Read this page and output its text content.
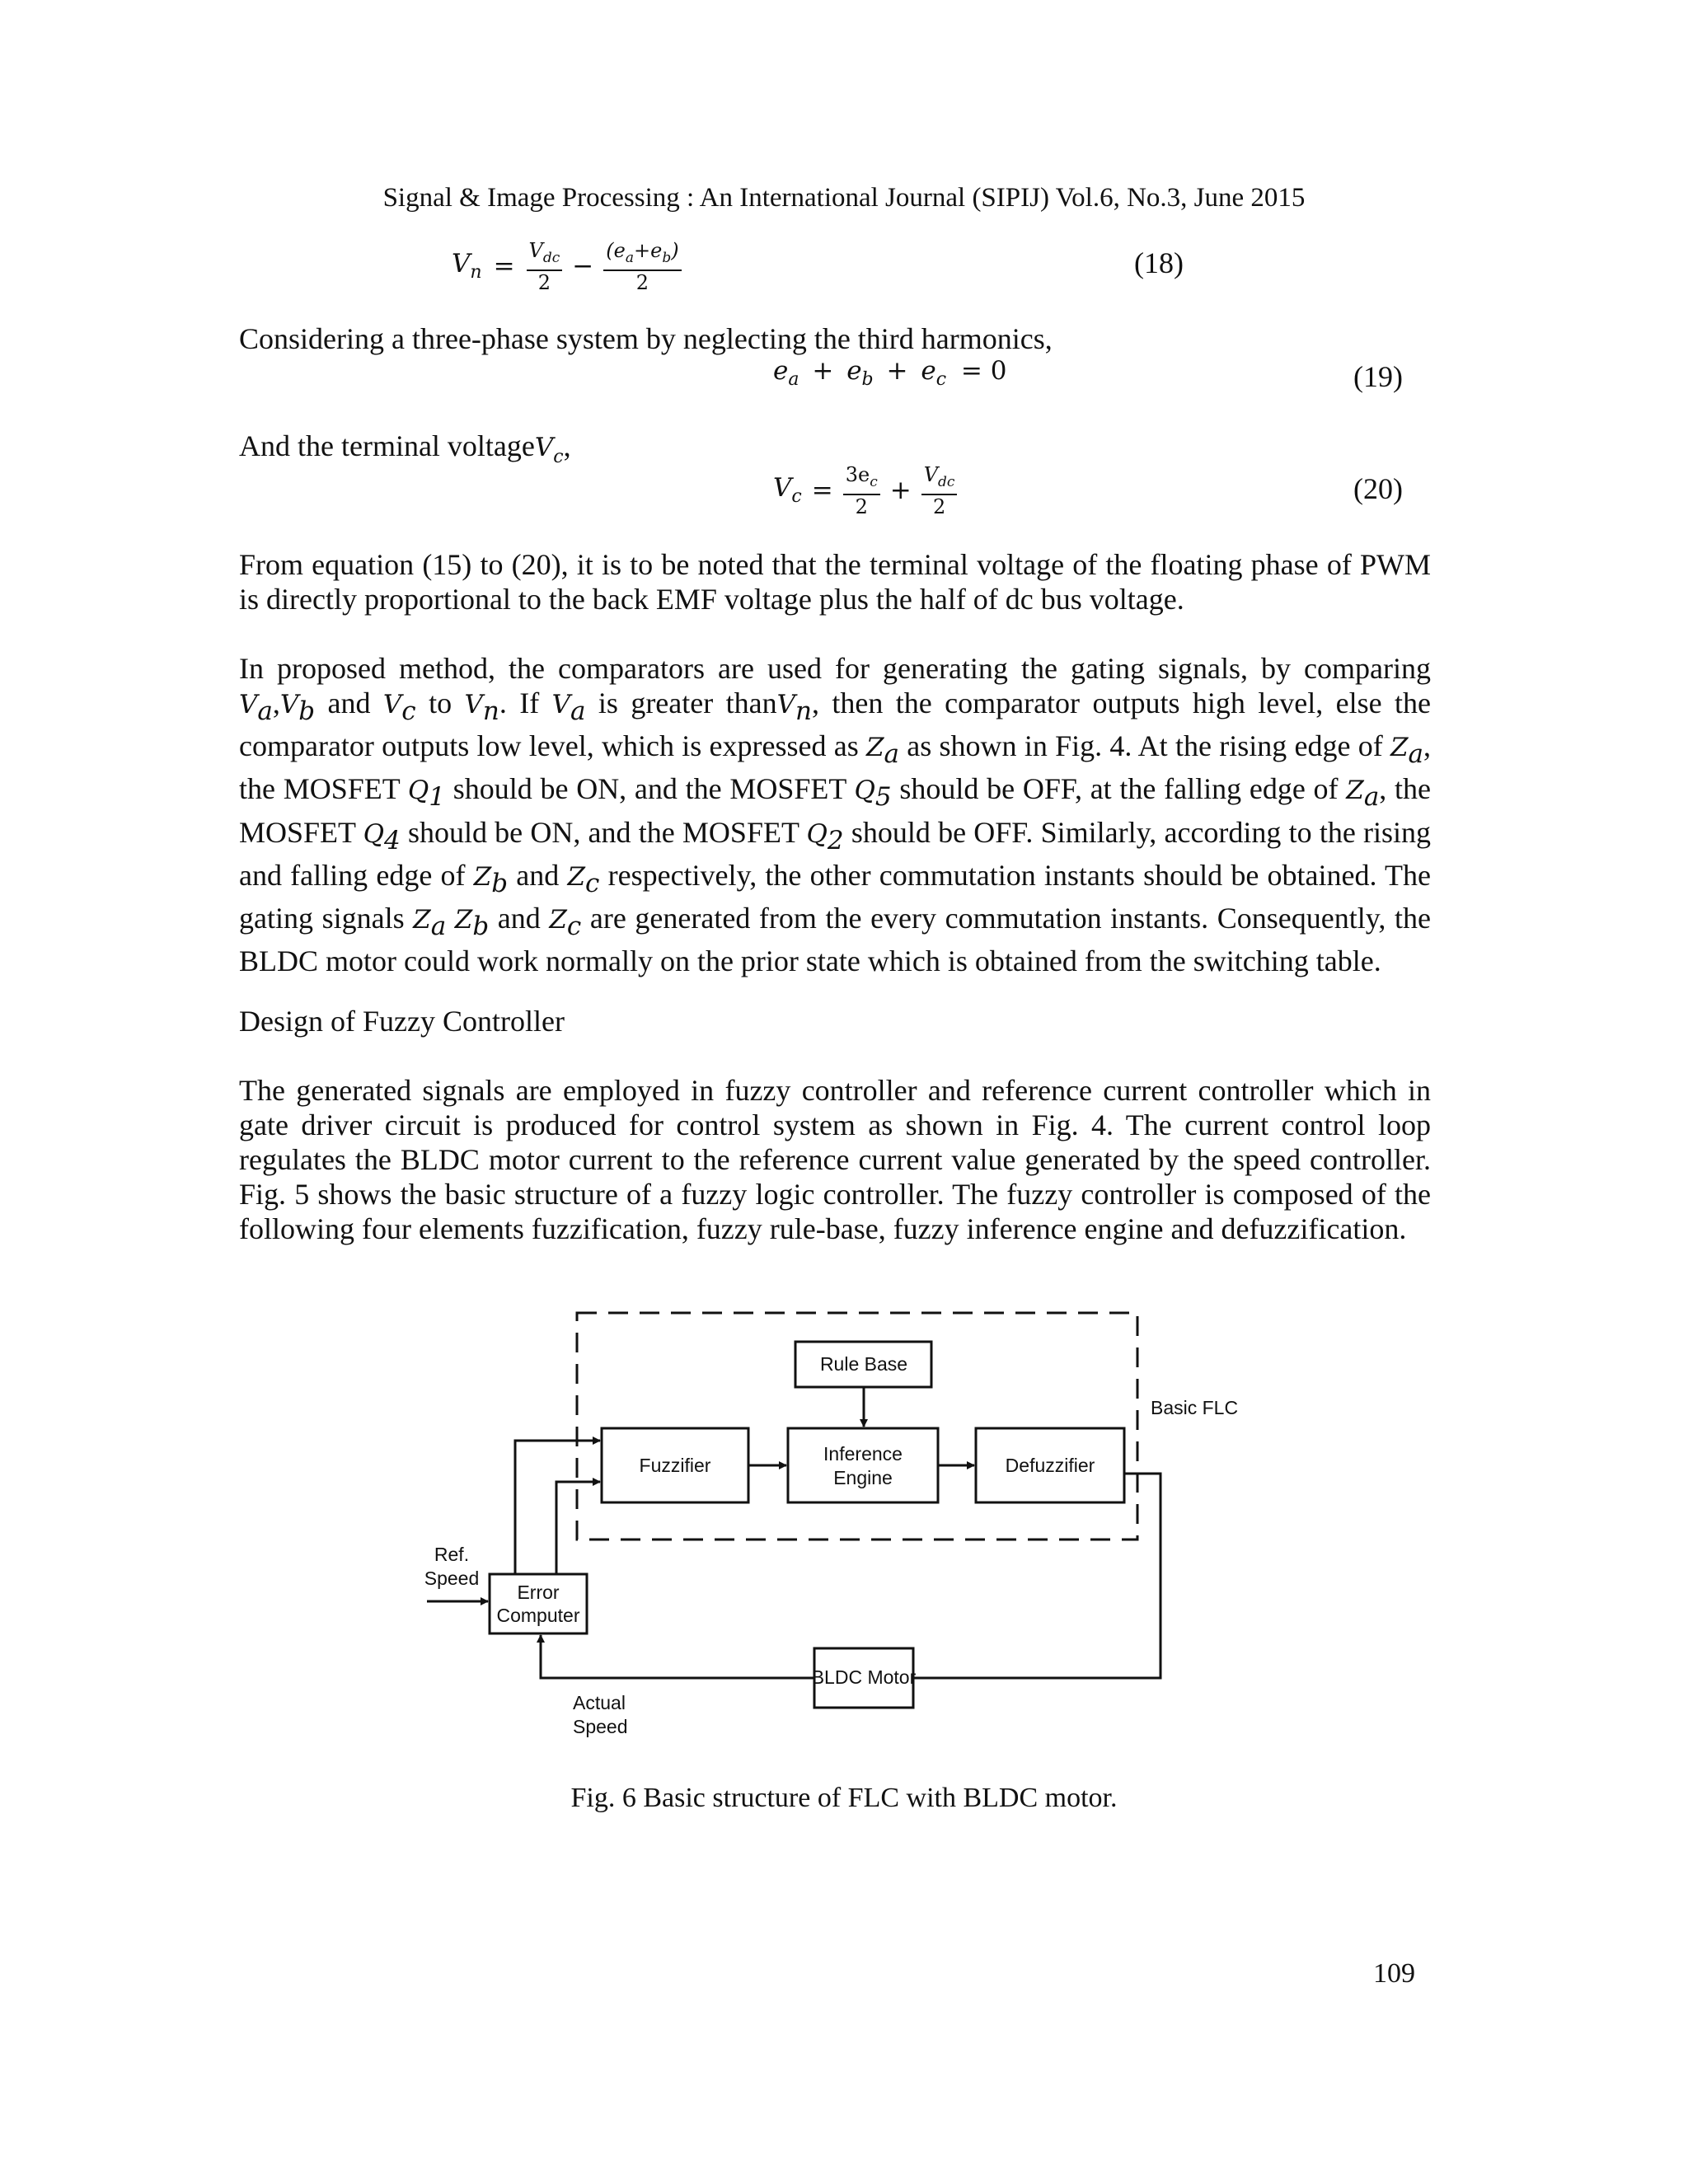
Signal & Image Processing : An International Journal (SIPIJ) Vol.6, No.3, June 2015
$V_n = \frac{V_{dc}}{2} - \frac{(e_a+e_b)}{2}$	(18)
Considering a three-phase system by neglecting the third harmonics,
$e_a + e_b + e_c = 0$	(19)
And the terminal voltageV$_c$,
$V_c = \frac{3e_c}{2} + \frac{V_{dc}}{2}$	(20)

From equation (15) to (20), it is to be noted that the terminal voltage of the floating phase of PWM is directly proportional to the back EMF voltage plus the half of dc bus voltage.

In proposed method, the comparators are used for generating the gating signals, by comparing $V_a,V_b$ and $V_c$ to $V_n$. If $V_a$ is greater thanV$_n$, then the comparator outputs high level, else the comparator outputs low level, which is expressed as $Z_a$ as shown in Fig. 4. At the rising edge of $Z_a$, the MOSFET $Q_1$ should be ON, and the MOSFET $Q_5$ should be OFF, at the falling edge of $Z_a$, the MOSFET $Q_4$ should be ON, and the MOSFET $Q_2$ should be OFF. Similarly, according to the rising and falling edge of $Z_b$ and $Z_c$ respectively, the other commutation instants should be obtained. The gating signals $Z_a$ $Z_b$ and $Z_c$ are generated from the every commutation instants. Consequently, the BLDC motor could work normally on the prior state which is obtained from the switching table.

Design of Fuzzy Controller

The generated signals are employed in fuzzy controller and reference current controller which in gate driver circuit is produced for control system as shown in Fig. 4. The current control loop regulates the BLDC motor current to the reference current value generated by the speed controller. Fig. 5 shows the basic structure of a fuzzy logic controller. The fuzzy controller is composed of the following four elements fuzzification, fuzzy rule-base, fuzzy inference engine and defuzzification.

Rule Base
Fuzzifier
Inference
Engine
Defuzzifier
Error
Computer
BLDC Motor
Ref.
Speed
Basic FLC
Actual
Speed
Fig. 6 Basic structure of FLC with BLDC motor.
109
